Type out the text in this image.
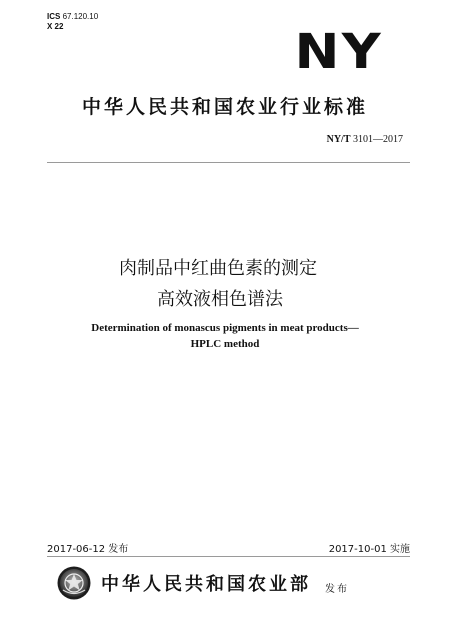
ICS 67.120.10
X 22	NY
中华人民共和国农业行业标准
NY/T 3101—2017
肉制品中红曲色素的测定
高效液相色谱法
Determination of monascus pigments in meat products—
HPLC method
2017-06-12 发布	2017-10-01 实施
中华人民共和国农业部 发布
